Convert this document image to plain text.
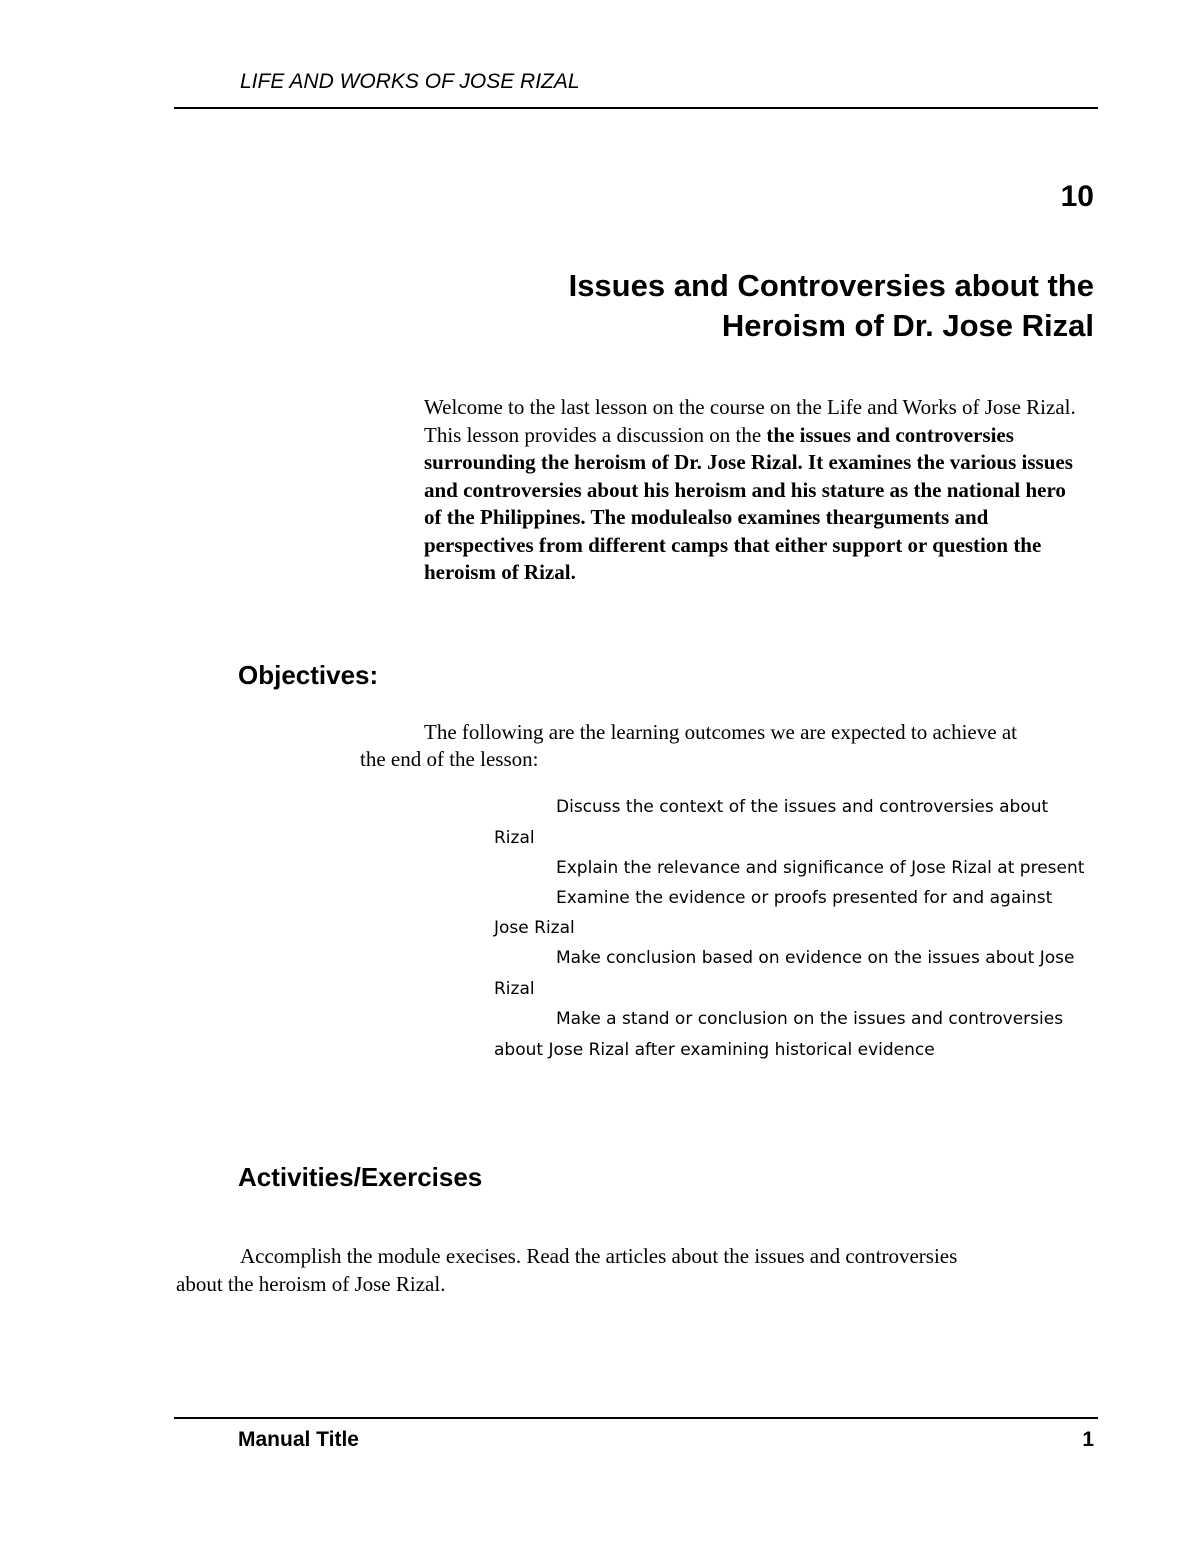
LIFE AND WORKS OF JOSE RIZAL
10
Issues and Controversies about the
Heroism of Dr. Jose Rizal

Welcome to the last lesson on the course on the Life and Works of Jose Rizal. This lesson provides a discussion on the the issues and controversies surrounding the heroism of Dr. Jose Rizal. It examines the various issues and controversies about his heroism and his stature as the national hero of the Philippines. The modulealso examines thearguments and perspectives from different camps that either support or question the heroism of Rizal.

Objectives:
The following are the learning outcomes we are expected to achieve at
the end of the lesson:
Discuss the context of the issues and controversies about
Rizal
Explain the relevance and significance of Jose Rizal at present
Examine the evidence or proofs presented for and against
Jose Rizal
Make conclusion based on evidence on the issues about Jose
Rizal
Make a stand or conclusion on the issues and controversies
about Jose Rizal after examining historical evidence
Activities/Exercises
Accomplish the module execises. Read the articles about the issues and controversies
about the heroism of Jose Rizal.
Manual Title	1
